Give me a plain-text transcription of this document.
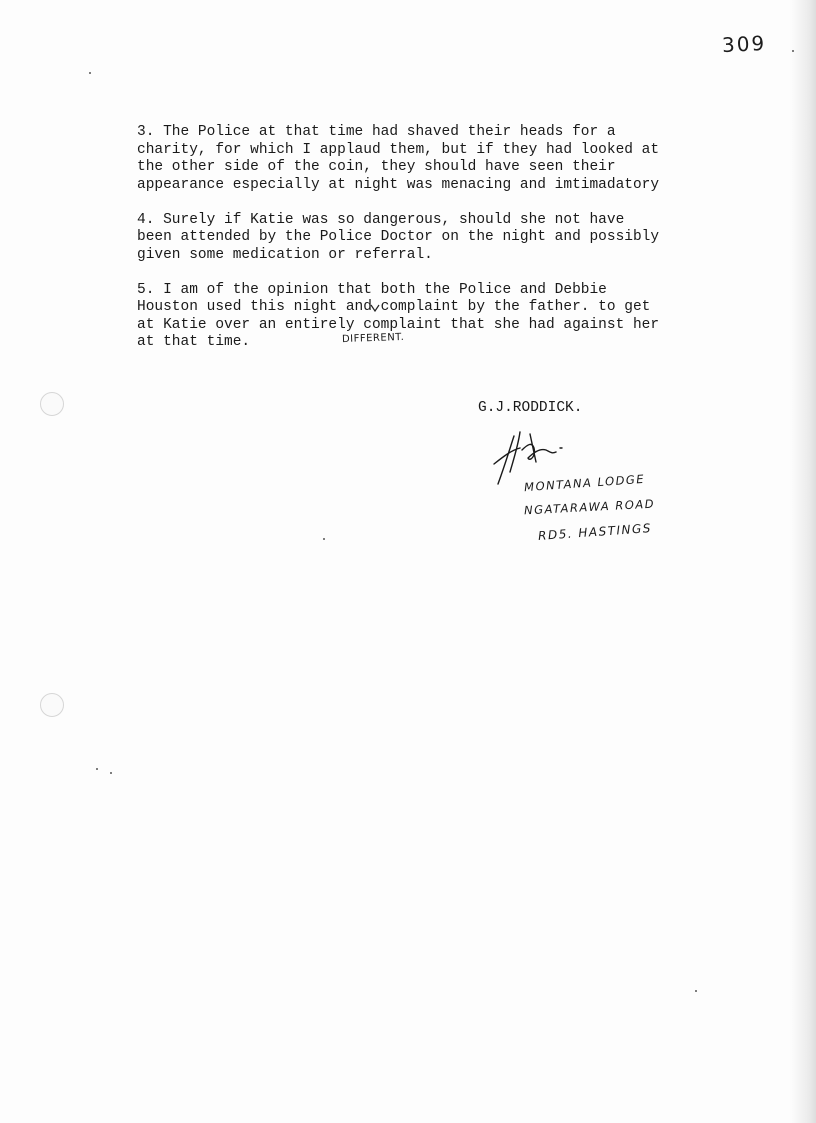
309

3. The Police at that time had shaved their heads for a
charity, for which I applaud them, but if they had looked at
the other side of the coin, they should have seen their
appearance especially at night was menacing and imtimadatory

4. Surely if Katie was so dangerous, should she not have
been attended by the Police Doctor on the night and possibly
given some medication or referral.

5. I am of the opinion that both the Police and Debbie
Houston used this night and complaint by the father. to get
at Katie over an entirely complaint that she had against her
at that time.	DIFFERENT.
G.J.RODDICK.
MONTANA LODGE
NGATARAWA ROAD
RD5. HASTINGS
